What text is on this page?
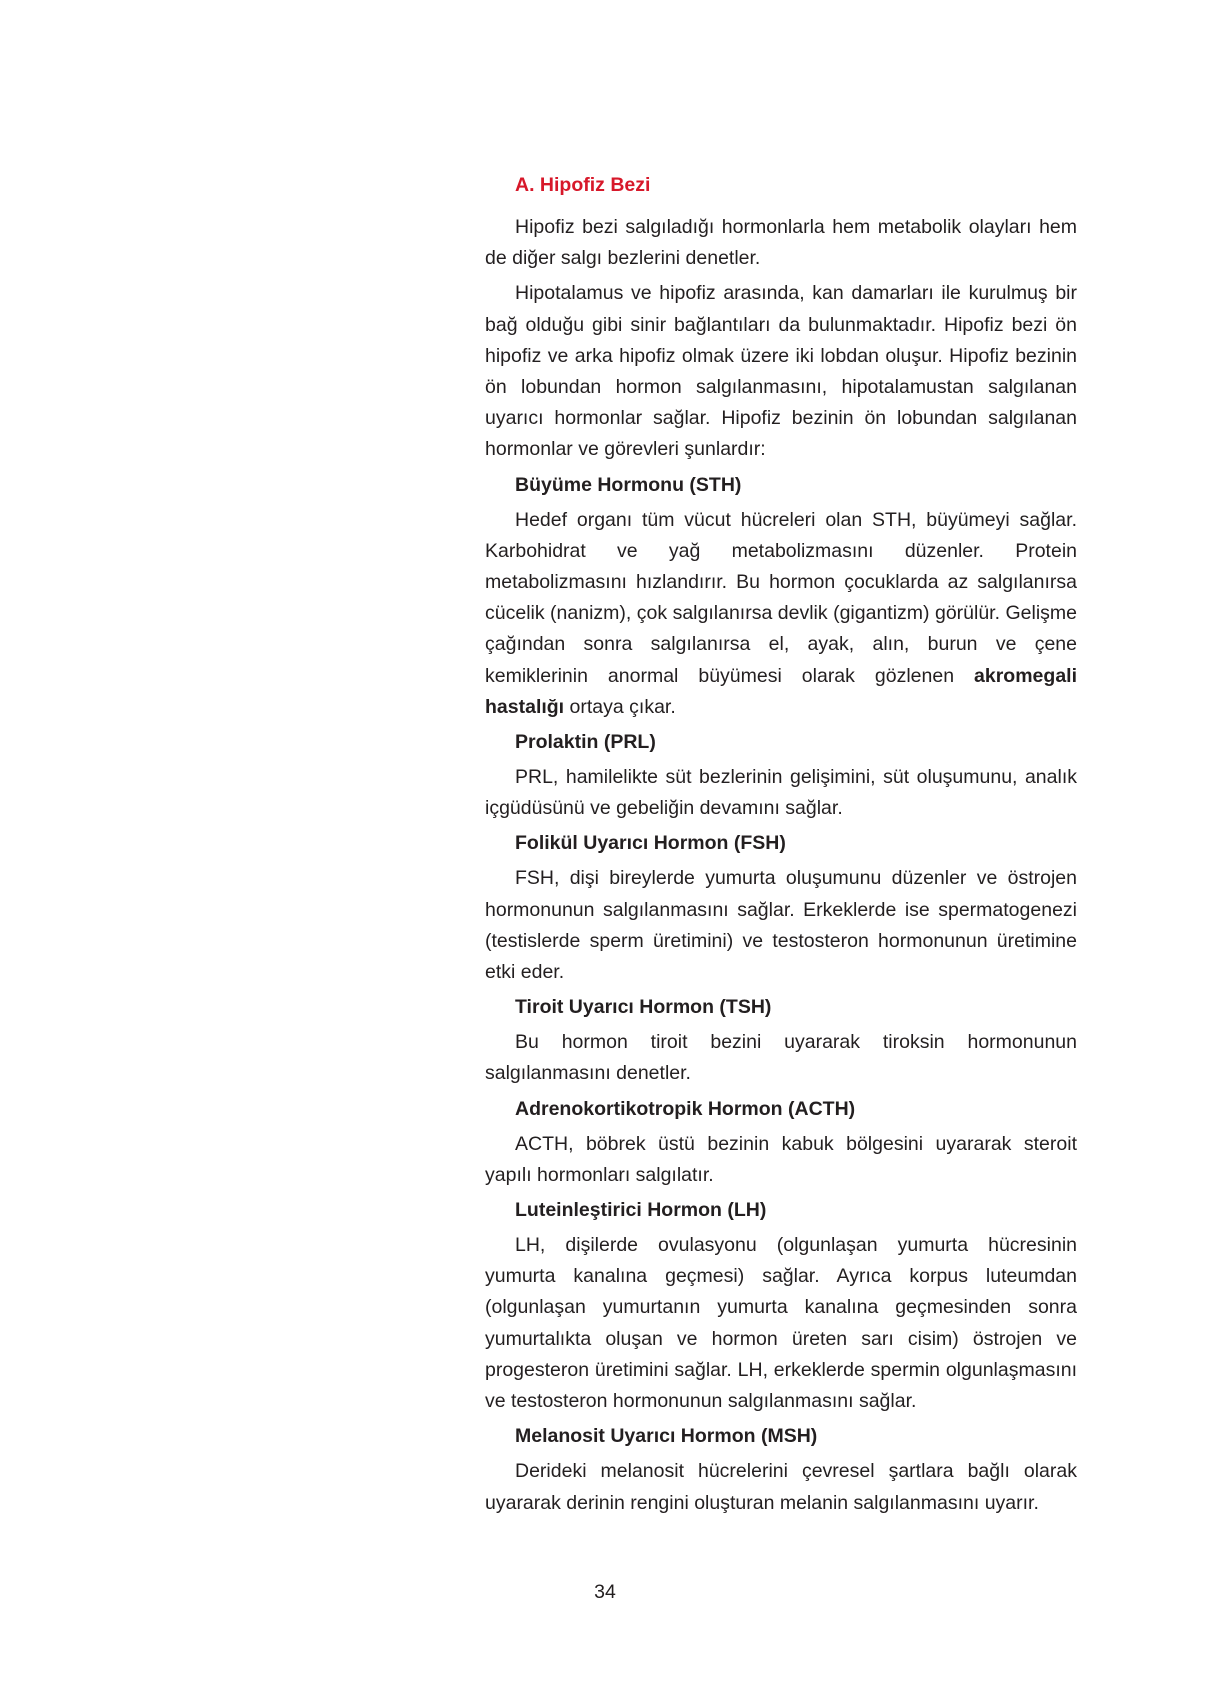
A. Hipofiz Bezi

Hipofiz bezi salgıladığı hormonlarla hem metabolik olayları hem de diğer salgı bezlerini denetler.

Hipotalamus ve hipofiz arasında, kan damarları ile kurulmuş bir bağ olduğu gibi sinir bağlantıları da bulunmaktadır. Hipofiz bezi ön hipofiz ve arka hipofiz olmak üzere iki lobdan oluşur. Hipofiz bezinin ön lobundan hormon salgılanmasını, hipotalamustan salgılanan uyarıcı hormonlar sağlar. Hipofiz bezinin ön lobundan salgılanan hormonlar ve görevleri şunlardır:

Büyüme Hormonu (STH)

Hedef organı tüm vücut hücreleri olan STH, büyümeyi sağlar. Karbohidrat ve yağ metabolizmasını düzenler. Protein metabolizmasını hızlandırır. Bu hormon çocuklarda az salgılanırsa cücelik (nanizm), çok salgılanırsa devlik (gigantizm) görülür. Gelişme çağından sonra salgılanırsa el, ayak, alın, burun ve çene kemiklerinin anormal büyümesi olarak gözlenen akromegali hastalığı ortaya çıkar.

Prolaktin (PRL)

PRL, hamilelikte süt bezlerinin gelişimini, süt oluşumunu, analık içgüdüsünü ve gebeliğin devamını sağlar.

Folikül Uyarıcı Hormon (FSH)

FSH, dişi bireylerde yumurta oluşumunu düzenler ve östrojen hormonunun salgılanmasını sağlar. Erkeklerde ise spermatogenezi (testislerde sperm üretimini) ve testosteron hormonunun üretimine etki eder.

Tiroit Uyarıcı Hormon (TSH)

Bu hormon tiroit bezini uyararak tiroksin hormonunun salgılanmasını denetler.

Adrenokortikotropik Hormon (ACTH)

ACTH, böbrek üstü bezinin kabuk bölgesini uyararak steroit yapılı hormonları salgılatır.

Luteinleştirici Hormon (LH)

LH, dişilerde ovulasyonu (olgunlaşan yumurta hücresinin yumurta kanalına geçmesi) sağlar. Ayrıca korpus luteumdan (olgunlaşan yumurtanın yumurta kanalına geçmesinden sonra yumurtalıkta oluşan ve hormon üreten sarı cisim) östrojen ve progesteron üretimini sağlar. LH, erkeklerde spermin olgunlaşmasını ve testosteron hormonunun salgılanmasını sağlar.

Melanosit Uyarıcı Hormon (MSH)

Derideki melanosit hücrelerini çevresel şartlara bağlı olarak uyararak derinin rengini oluşturan melanin salgılanmasını uyarır.

34
